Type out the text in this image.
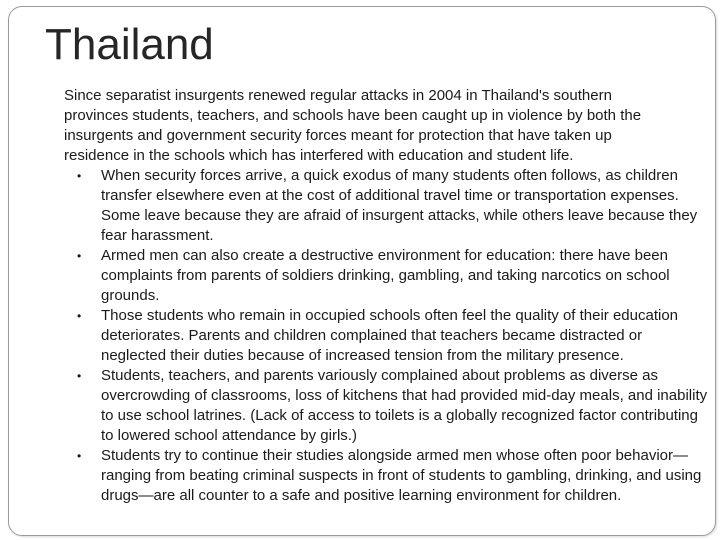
Thailand

Since separatist insurgents renewed regular attacks in 2004 in Thailand's southern provinces students, teachers, and schools have been caught up in violence by both the insurgents and government security forces meant for protection that have taken up residence in the schools which has interfered with education and student life.

• When security forces arrive, a quick exodus of many students often follows, as children transfer elsewhere even at the cost of additional travel time or transportation expenses. Some leave because they are afraid of insurgent attacks, while others leave because they fear harassment.
• Armed men can also create a destructive environment for education: there have been complaints from parents of soldiers drinking, gambling, and taking narcotics on school grounds.
• Those students who remain in occupied schools often feel the quality of their education deteriorates. Parents and children complained that teachers became distracted or neglected their duties because of increased tension from the military presence.
• Students, teachers, and parents variously complained about problems as diverse as overcrowding of classrooms, loss of kitchens that had provided mid-day meals, and inability to use school latrines. (Lack of access to toilets is a globally recognized factor contributing to lowered school attendance by girls.)
• Students try to continue their studies alongside armed men whose often poor behavior—ranging from beating criminal suspects in front of students to gambling, drinking, and using drugs—are all counter to a safe and positive learning environment for children.
